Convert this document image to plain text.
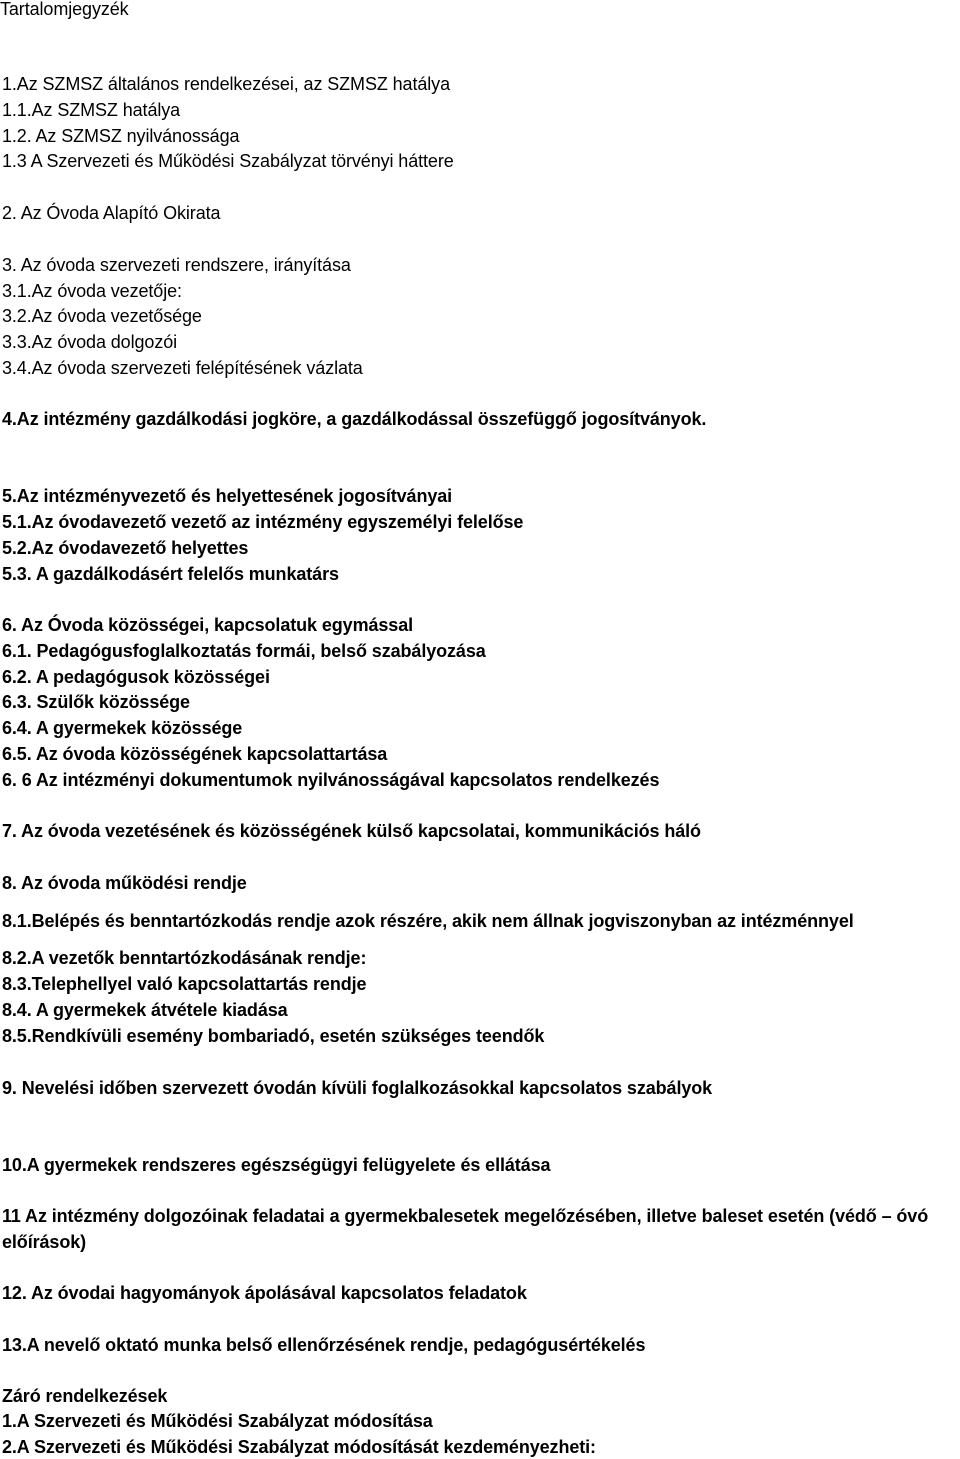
Tartalomjegyzék
1.Az SZMSZ általános rendelkezései, az SZMSZ hatálya
1.1.Az SZMSZ hatálya
1.2. Az SZMSZ nyilvánossága
1.3 A Szervezeti és Működési Szabályzat törvényi háttere
2. Az Óvoda Alapító Okirata
3. Az óvoda szervezeti rendszere, irányítása
3.1.Az óvoda vezetője:
3.2.Az óvoda vezetősége
3.3.Az óvoda dolgozói
3.4.Az óvoda szervezeti felépítésének vázlata
4.Az intézmény gazdálkodási jogköre, a gazdálkodással összefüggő jogosítványok.
5.Az intézményvezető és helyettesének jogosítványai
5.1.Az óvodavezető vezető az intézmény egyszemélyi felelőse
5.2.Az óvodavezető helyettes
5.3. A gazdálkodásért felelős munkatárs
6. Az Óvoda közösségei, kapcsolatuk egymással
6.1. Pedagógusfoglalkoztatás formái, belső szabályozása
6.2. A pedagógusok közösségei
6.3. Szülők közössége
6.4. A gyermekek közössége
6.5. Az óvoda közösségének kapcsolattartása
6. 6 Az intézményi dokumentumok nyilvánosságával kapcsolatos rendelkezés
7. Az óvoda vezetésének és közösségének külső kapcsolatai, kommunikációs háló
8. Az óvoda működési rendje
8.1.Belépés és benntartózkodás rendje azok részére, akik nem állnak jogviszonyban az intézménnyel
8.2.A vezetők benntartózkodásának rendje:
8.3.Telephellyel való kapcsolattartás rendje
8.4. A gyermekek átvétele kiadása
8.5.Rendkívüli esemény bombariadó, esetén szükséges teendők
9. Nevelési időben szervezett óvodán kívüli foglalkozásokkal kapcsolatos szabályok
10.A gyermekek rendszeres egészségügyi felügyelete és ellátása
11 Az intézmény dolgozóinak feladatai a gyermekbalesetek megelőzésében, illetve baleset esetén (védő – óvó előírások)
12. Az óvodai hagyományok ápolásával kapcsolatos feladatok
13.A nevelő oktató munka belső ellenőrzésének rendje, pedagógusértékelés
Záró rendelkezések
1.A Szervezeti és Működési Szabályzat módosítása
2.A Szervezeti és Működési Szabályzat módosítását kezdeményezheti:
